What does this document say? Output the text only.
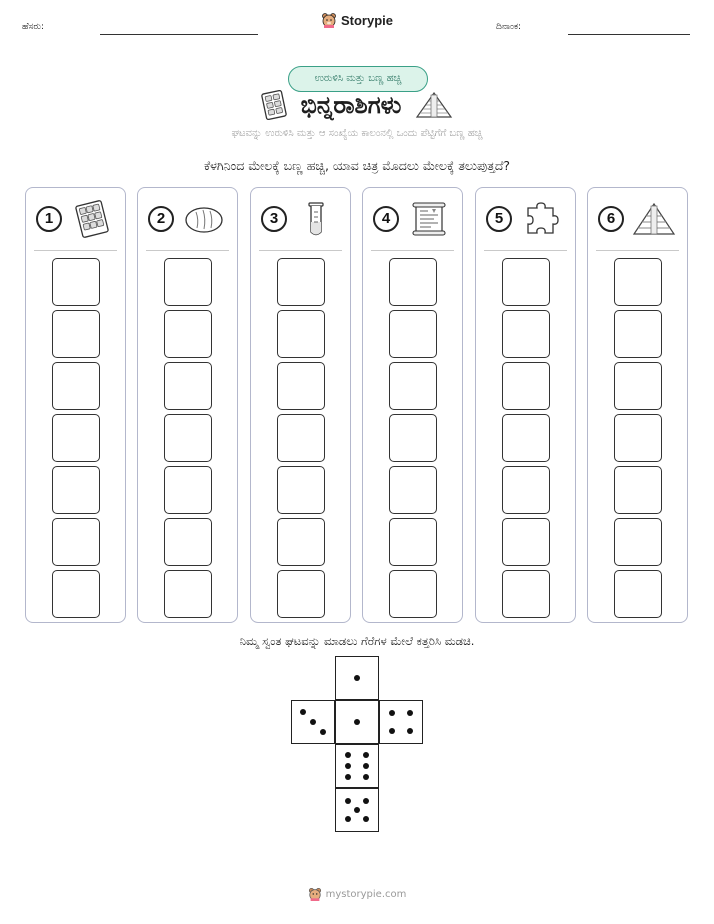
ಹೆಸರು:	Storypie	ದಿನಾಂಕ:
ಉರುಳಿಸಿ ಮತ್ತು ಬಣ್ಣ ಹಚ್ಚಿ
ಭಿನ್ನರಾಶಿಗಳು
ಘಟವನ್ನು ಉರುಳಿಸಿ ಮತ್ತು ಆ ಸಂಖ್ಯೆಯ ಕಾಲಂನಲ್ಲಿ ಒಂದು ಪೆಟ್ಟಿಗೆಗೆ ಬಣ್ಣ ಹಚ್ಚಿ
ಕೆಳಗಿನಿಂದ ಮೇಲಕ್ಕೆ ಬಣ್ಣ ಹಚ್ಚಿ, ಯಾವ ಚಿತ್ರ ಮೊದಲು ಮೇಲಕ್ಕೆ ತಲುಪುತ್ತದೆ?
1	2	3	4	5	6
ನಿಮ್ಮ ಸ್ವಂತ ಘಟವನ್ನು ಮಾಡಲು ಗೆರೆಗಳ ಮೇಲೆ ಕತ್ತರಿಸಿ ಮಡಚಿ.
mystorypie.com
